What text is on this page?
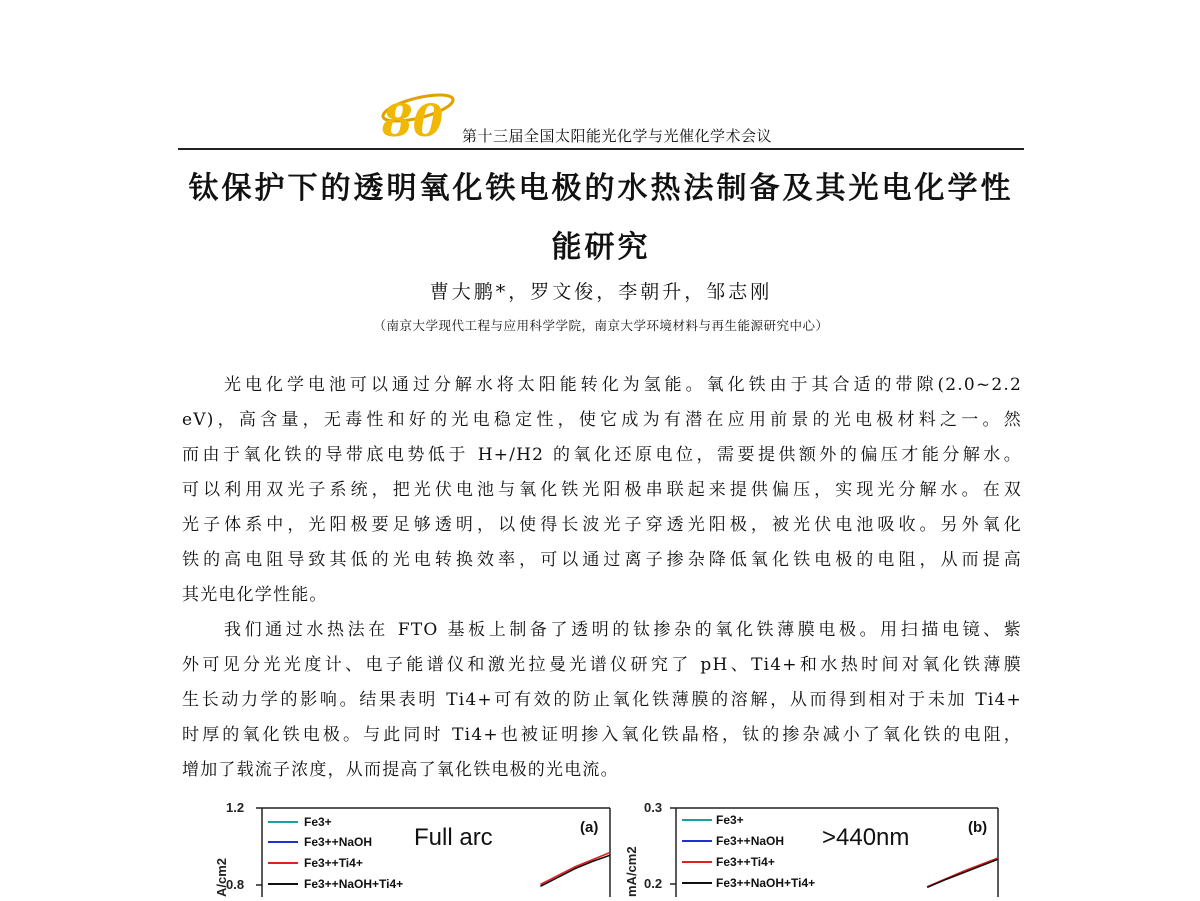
80 第十三届全国太阳能光化学与光催化学术会议
钛保护下的透明氧化铁电极的水热法制备及其光电化学性
能研究
曹大鹏*，罗文俊，李朝升，邹志刚
（南京大学现代工程与应用科学学院，南京大学环境材料与再生能源研究中心）
光电化学电池可以通过分解水将太阳能转化为氢能。氧化铁由于其合适的带隙(2.0~2.2
eV)，高含量，无毒性和好的光电稳定性，使它成为有潜在应用前景的光电极材料之一。然
而由于氧化铁的导带底电势低于 H+/H2 的氧化还原电位，需要提供额外的偏压才能分解水。
可以利用双光子系统，把光伏电池与氧化铁光阳极串联起来提供偏压，实现光分解水。在双
光子体系中，光阳极要足够透明，以使得长波光子穿透光阳极，被光伏电池吸收。另外氧化
铁的高电阻导致其低的光电转换效率，可以通过离子掺杂降低氧化铁电极的电阻，从而提高
其光电化学性能。
我们通过水热法在 FTO 基板上制备了透明的钛掺杂的氧化铁薄膜电极。用扫描电镜、紫
外可见分光光度计、电子能谱仪和激光拉曼光谱仪研究了 pH、Ti4+和水热时间对氧化铁薄膜
生长动力学的影响。结果表明 Ti4+可有效的防止氧化铁薄膜的溶解，从而得到相对于未加 Ti4+
时厚的氧化铁电极。与此同时 Ti4+也被证明掺入氧化铁晶格，钛的掺杂减小了氧化铁的电阻，
增加了载流子浓度，从而提高了氧化铁电极的光电流。
1.2
0.8
A/cm2
Fe3+
Fe3++NaOH
Fe3++Ti4+
Fe3++NaOH+Ti4+
Full arc	(a)
0.3
0.2
mA/cm2
Fe3+
Fe3++NaOH
Fe3++Ti4+
Fe3++NaOH+Ti4+
>440nm	(b)
